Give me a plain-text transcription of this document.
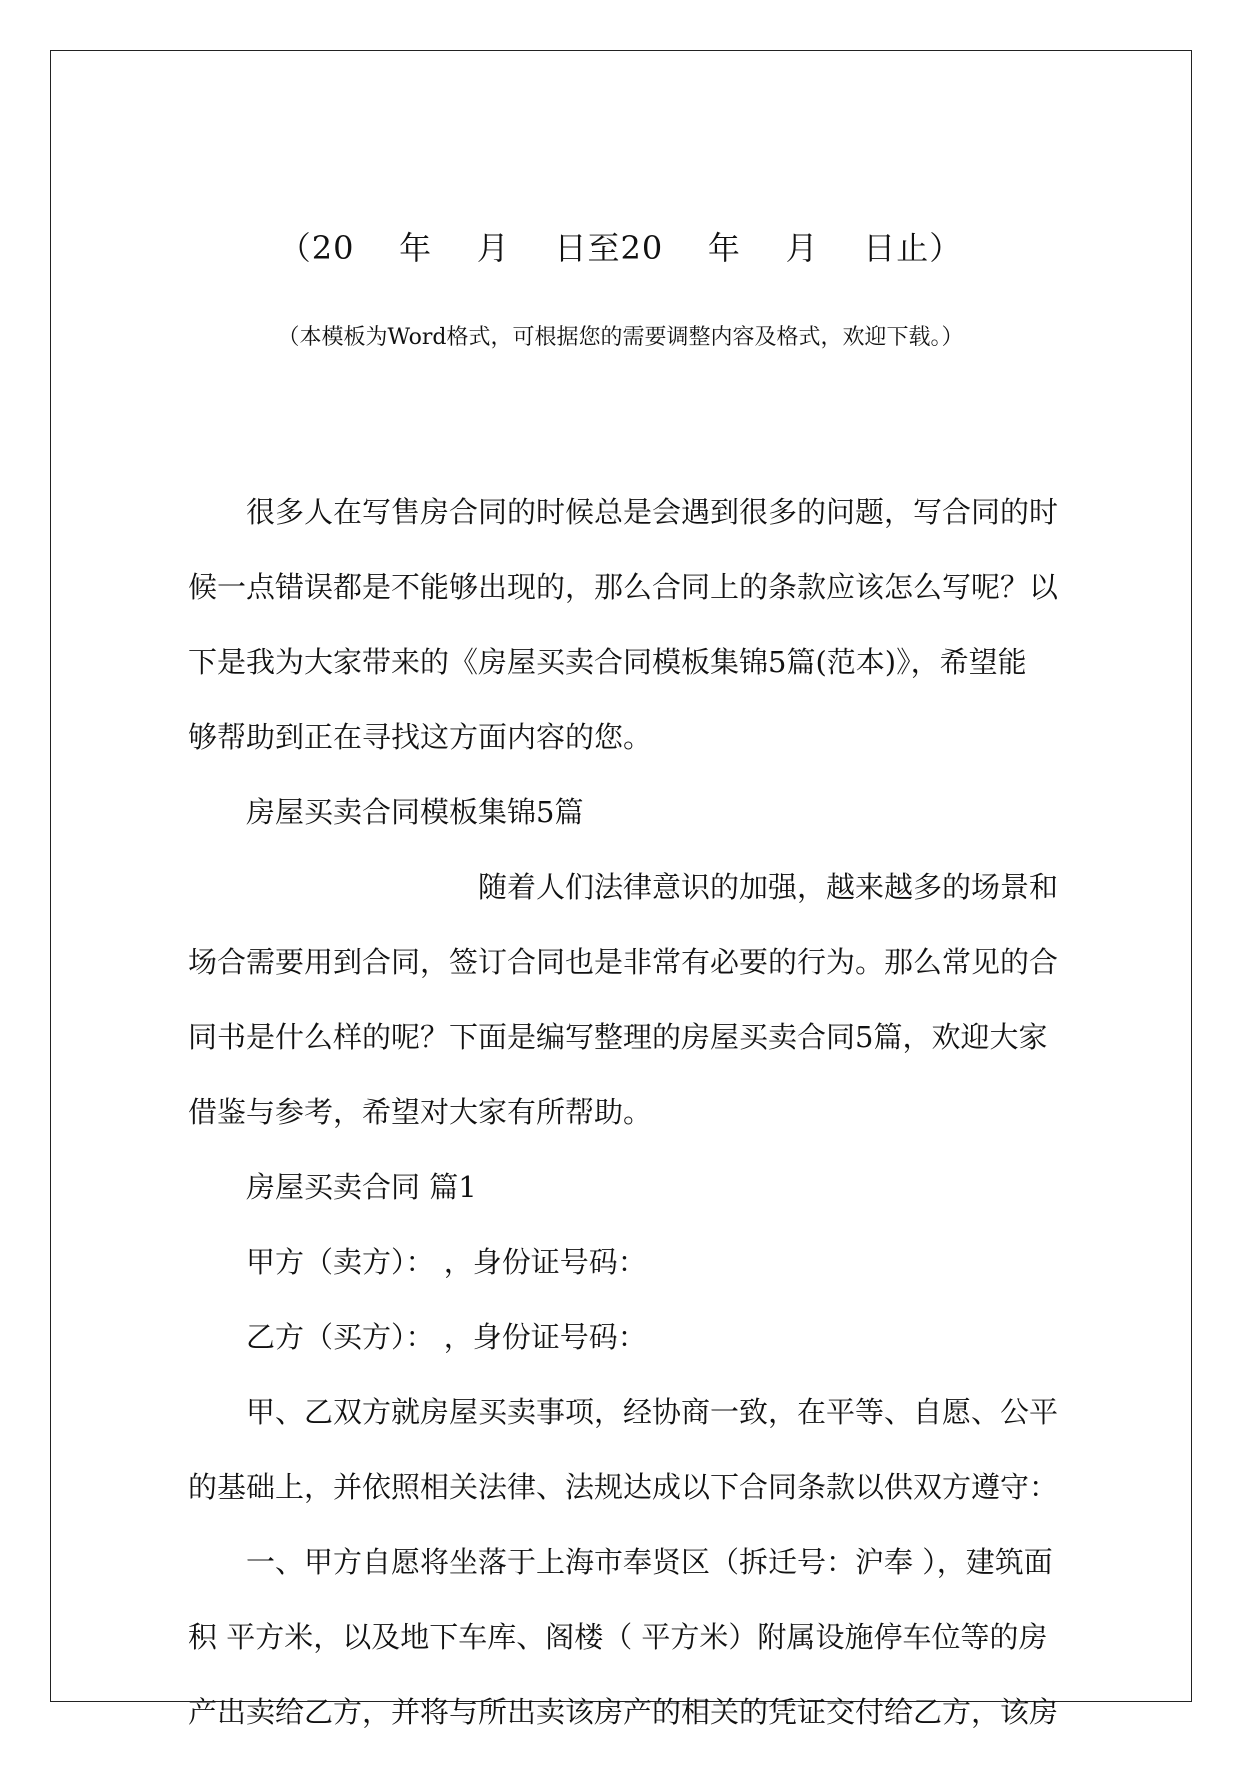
（20    年    月    日至20    年    月    日止）
（本模板为Word格式，可根据您的需要调整内容及格式，欢迎下载。）
很多人在写售房合同的时候总是会遇到很多的问题，写合同的时
候一点错误都是不能够出现的，那么合同上的条款应该怎么写呢？以
下是我为大家带来的《房屋买卖合同模板集锦5篇(范本)》，希望能
够帮助到正在寻找这方面内容的您。
房屋买卖合同模板集锦5篇
随着人们法律意识的加强，越来越多的场景和
场合需要用到合同，签订合同也是非常有必要的行为。那么常见的合
同书是什么样的呢？下面是编写整理的房屋买卖合同5篇，欢迎大家
借鉴与参考，希望对大家有所帮助。
房屋买卖合同 篇1
甲方（卖方）： ，身份证号码：
乙方（买方）： ，身份证号码：
甲、乙双方就房屋买卖事项，经协商一致，在平等、自愿、公平
的基础上，并依照相关法律、法规达成以下合同条款以供双方遵守：
一、甲方自愿将坐落于上海市奉贤区（拆迁号：沪奉 ），建筑面
积 平方米，以及地下车库、阁楼（ 平方米）附属设施停车位等的房
产出卖给乙方，并将与所出卖该房产的相关的凭证交付给乙方，该房
